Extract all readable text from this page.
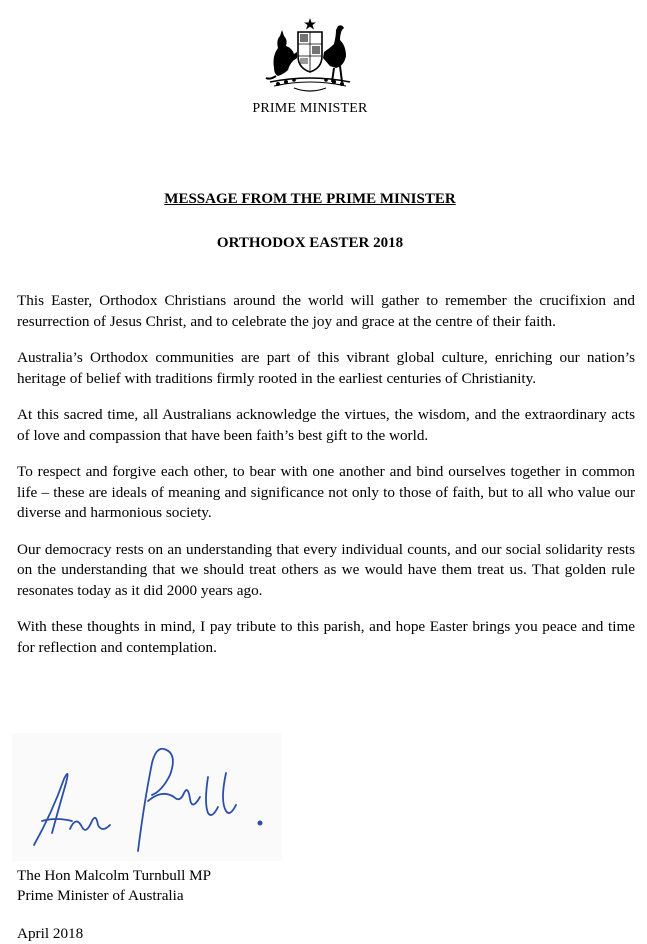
PRIME MINISTER
MESSAGE FROM THE PRIME MINISTER
ORTHODOX EASTER 2018

This Easter, Orthodox Christians around the world will gather to remember the crucifixion and resurrection of Jesus Christ, and to celebrate the joy and grace at the centre of their faith.

Australia’s Orthodox communities are part of this vibrant global culture, enriching our nation’s heritage of belief with traditions firmly rooted in the earliest centuries of Christianity.

At this sacred time, all Australians acknowledge the virtues, the wisdom, and the extraordinary acts of love and compassion that have been faith’s best gift to the world.

To respect and forgive each other, to bear with one another and bind ourselves together in common life – these are ideals of meaning and significance not only to those of faith, but to all who value our diverse and harmonious society.

Our democracy rests on an understanding that every individual counts, and our social solidarity rests on the understanding that we should treat others as we would have them treat us. That golden rule resonates today as it did 2000 years ago.

With these thoughts in mind, I pay tribute to this parish, and hope Easter brings you peace and time for reflection and contemplation.

The Hon Malcolm Turnbull MP
Prime Minister of Australia
April 2018
